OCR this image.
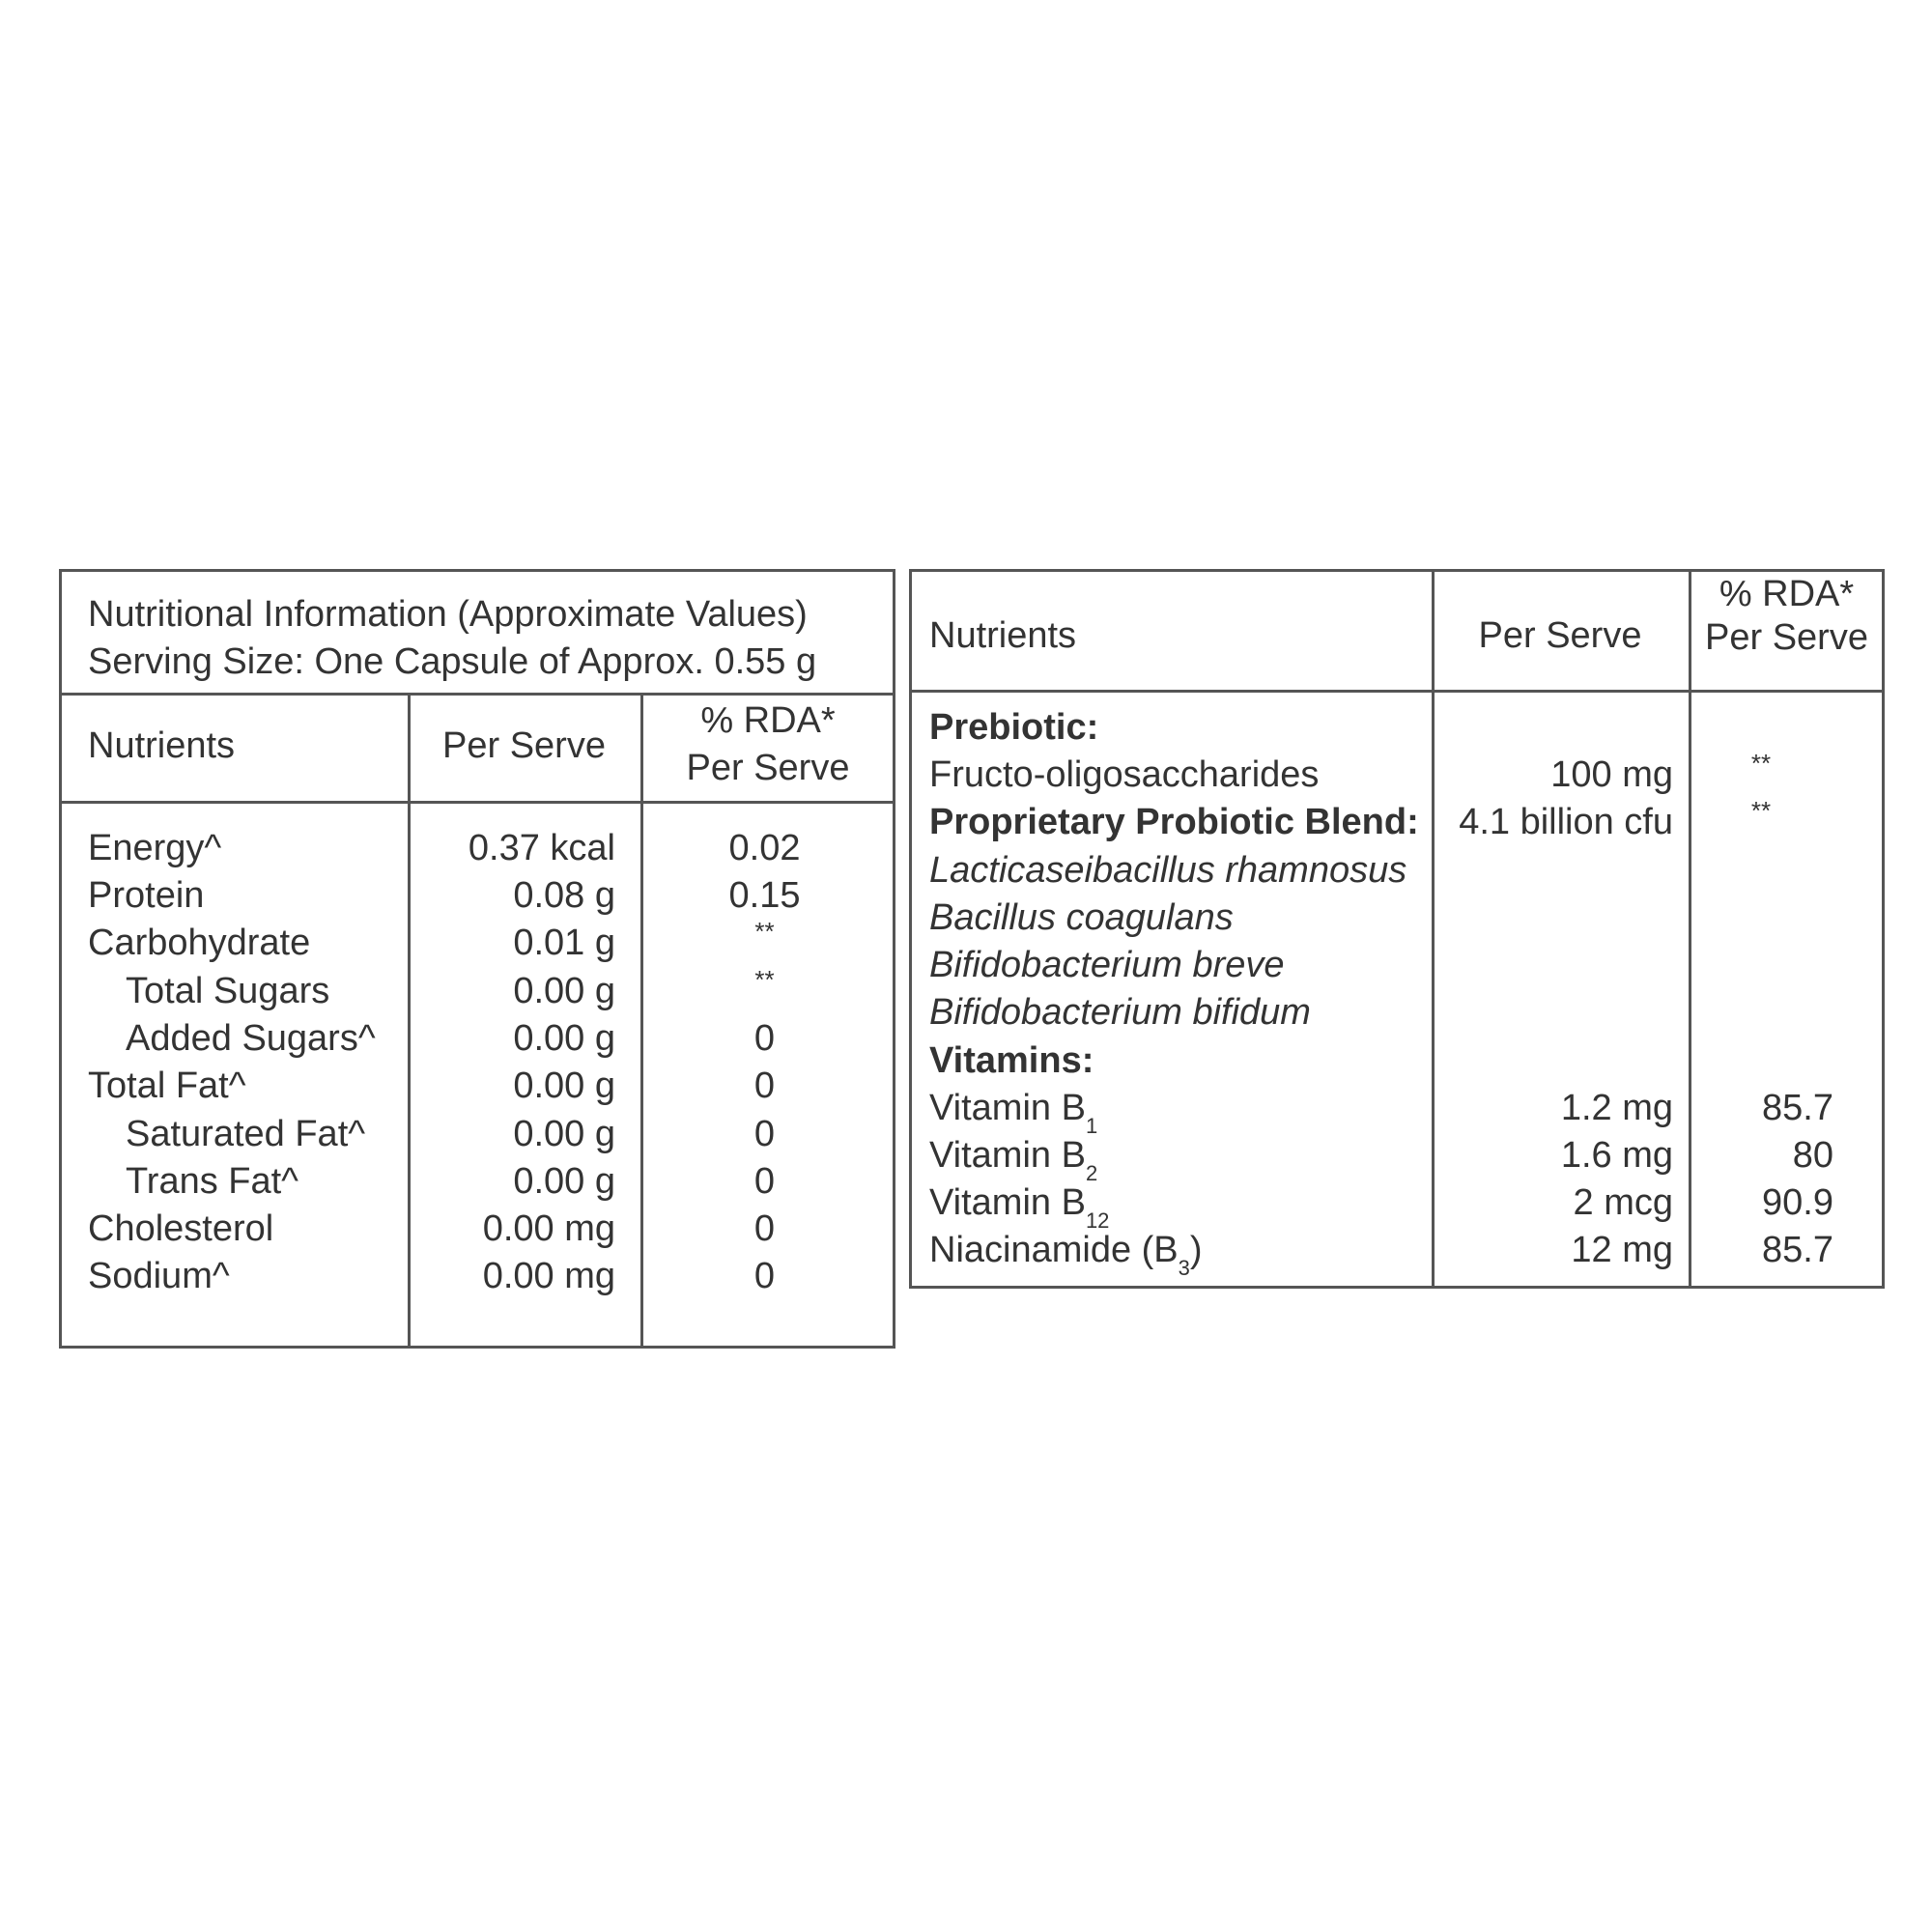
Nutritional Information (Approximate Values)
Serving Size: One Capsule of Approx. 0.55 g
Nutrients	Per Serve
% RDA*
Per Serve
Energy^	0.37 kcal	0.02
Protein	0.08 g	0.15
Carbohydrate	0.01 g	**
Total Sugars	0.00 g	**
Added Sugars^	0.00 g	0
Total Fat^	0.00 g	0
Saturated Fat^	0.00 g	0
Trans Fat^	0.00 g	0
Cholesterol	0.00 mg	0
Sodium^	0.00 mg	0
Nutrients	Per Serve
% RDA*
Per Serve
Prebiotic:
Fructo-oligosaccharides	100 mg	**
Proprietary Probiotic Blend:	4.1 billion cfu	**
Lacticaseibacillus rhamnosus
Bacillus coagulans
Bifidobacterium breve
Bifidobacterium bifidum
Vitamins:
Vitamin $B_1$	1.2 mg	85.7
Vitamin $B_2$	1.6 mg	80
Vitamin $B_{12}$	2 mcg	90.9
Niacinamide $(B_3)$	12 mg	85.7
